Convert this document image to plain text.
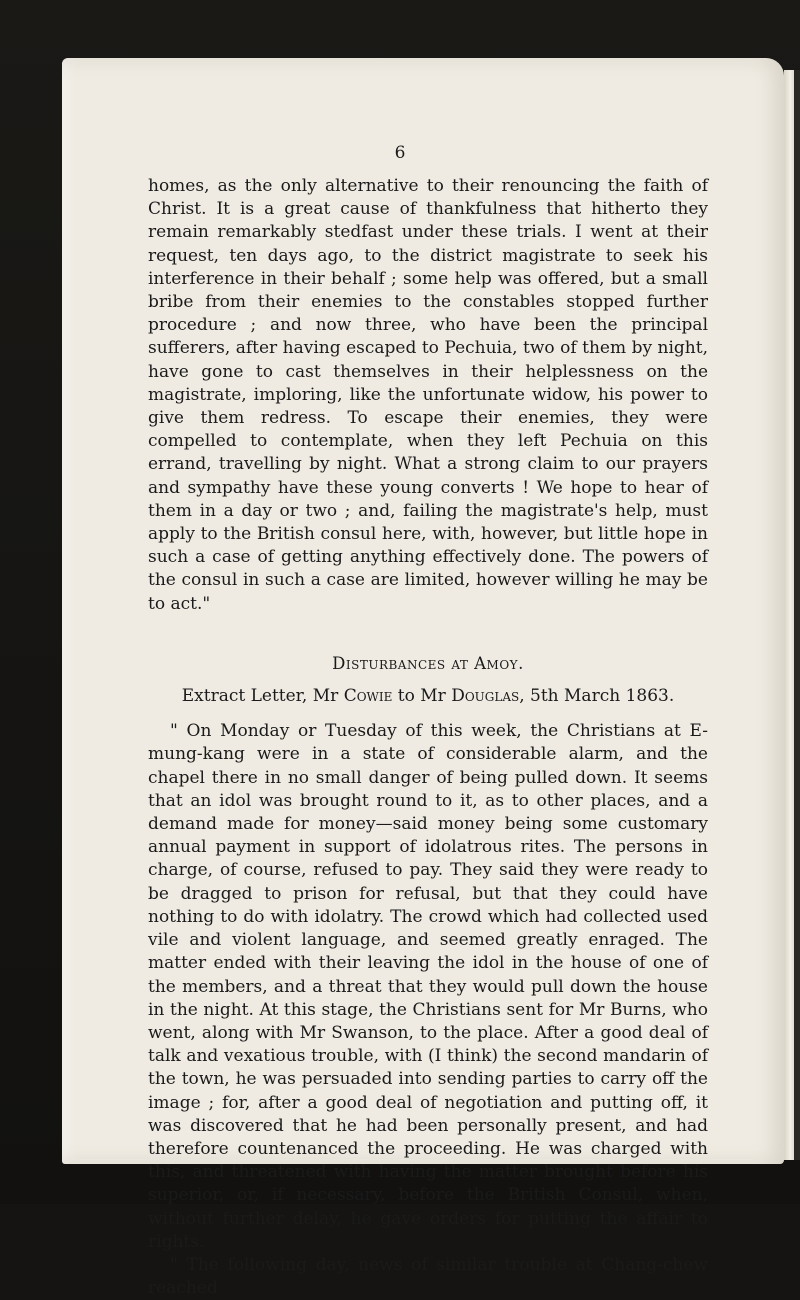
6

homes, as the only alternative to their renouncing the faith of Christ. It is a great cause of thankfulness that hitherto they remain remarkably stedfast under these trials. I went at their request, ten days ago, to the district magistrate to seek his interference in their behalf ; some help was offered, but a small bribe from their enemies to the constables stopped further procedure ; and now three, who have been the principal sufferers, after having escaped to Pechuia, two of them by night, have gone to cast themselves in their helplessness on the magistrate, imploring, like the unfortunate widow, his power to give them redress. To escape their enemies, they were compelled to contemplate, when they left Pechuia on this errand, travelling by night. What a strong claim to our prayers and sympathy have these young converts ! We hope to hear of them in a day or two ; and, failing the magistrate's help, must apply to the British consul here, with, however, but little hope in such a case of getting anything effectively done. The powers of the consul in such a case are limited, however willing he may be to act."

Disturbances at Amoy.
Extract Letter, Mr Cowie to Mr Douglas, 5th March 1863.

" On Monday or Tuesday of this week, the Christians at E-mung-kang were in a state of considerable alarm, and the chapel there in no small danger of being pulled down. It seems that an idol was brought round to it, as to other places, and a demand made for money—said money being some customary annual payment in support of idolatrous rites. The persons in charge, of course, refused to pay. They said they were ready to be dragged to prison for refusal, but that they could have nothing to do with idolatry. The crowd which had collected used vile and violent language, and seemed greatly enraged. The matter ended with their leaving the idol in the house of one of the members, and a threat that they would pull down the house in the night. At this stage, the Christians sent for Mr Burns, who went, along with Mr Swanson, to the place. After a good deal of talk and vexatious trouble, with (I think) the second mandarin of the town, he was persuaded into sending parties to carry off the image ; for, after a good deal of negotiation and putting off, it was discovered that he had been personally present, and had therefore countenanced the proceeding. He was charged with this, and threatened with having the matter brought before his superior, or, if necessary, before the British Consul, when, without further delay, he gave orders for putting the affair to rights.

" The following day, news of similar trouble at Chang-chew reached
